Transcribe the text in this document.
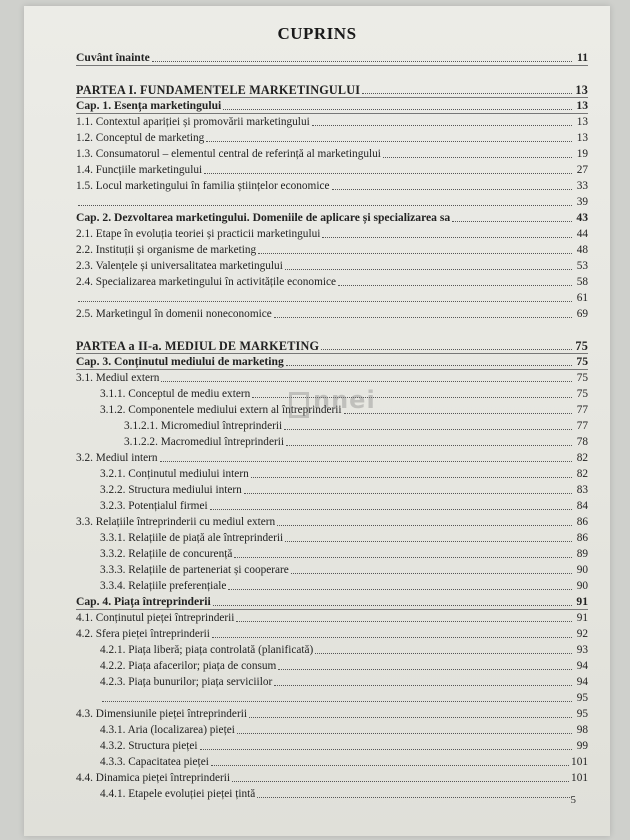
CUPRINS
Cuvânt înainte	11
PARTEA I. FUNDAMENTELE MARKETINGULUI	13
Cap. 1. Esența marketingului	13
1.1. Contextul apariției și promovării marketingului	13
1.2. Conceptul de marketing	13
1.3. Consumatorul – elementul central de referință al marketingului	19
1.4. Funcțiile marketingului	27
1.5. Locul marketingului în familia științelor economice	33
39
Cap. 2. Dezvoltarea marketingului. Domeniile de aplicare și specializarea sa	43
2.1. Etape în evoluția teoriei și practicii marketingului	44
2.2. Instituții și organisme de marketing	48
2.3. Valențele și universalitatea marketingului	53
2.4. Specializarea marketingului în activitățile economice	58
61
2.5. Marketingul în domenii noneconomice	69
PARTEA a II-a. MEDIUL DE MARKETING	75
Cap. 3. Conținutul mediului de marketing	75
3.1. Mediul extern	75
3.1.1. Conceptul de mediu extern	75
3.1.2. Componentele mediului extern al întreprinderii	77
3.1.2.1. Micromediul întreprinderii	77
3.1.2.2. Macromediul întreprinderii	78
3.2. Mediul intern	82
3.2.1. Conținutul mediului intern	82
3.2.2. Structura mediului intern	83
3.2.3. Potențialul firmei	84
3.3. Relațiile întreprinderii cu mediul extern	86
3.3.1. Relațiile de piață ale întreprinderii	86
3.3.2. Relațiile de concurență	89
3.3.3. Relațiile de parteneriat și cooperare	90
3.3.4. Relațiile preferențiale	90
Cap. 4. Piața întreprinderii	91
4.1. Conținutul pieței întreprinderii	91
4.2. Sfera pieței întreprinderii	92
4.2.1. Piața liberă; piața controlată (planificată)	93
4.2.2. Piața afacerilor; piața de consum	94
4.2.3. Piața bunurilor; piața serviciilor	94
95
4.3. Dimensiunile pieței întreprinderii	95
4.3.1. Aria (localizarea) pieței	98
4.3.2. Structura pieței	99
4.3.3. Capacitatea pieței	101
4.4. Dinamica pieței întreprinderii	101
4.4.1. Etapele evoluției pieței țintă
nnei
5
